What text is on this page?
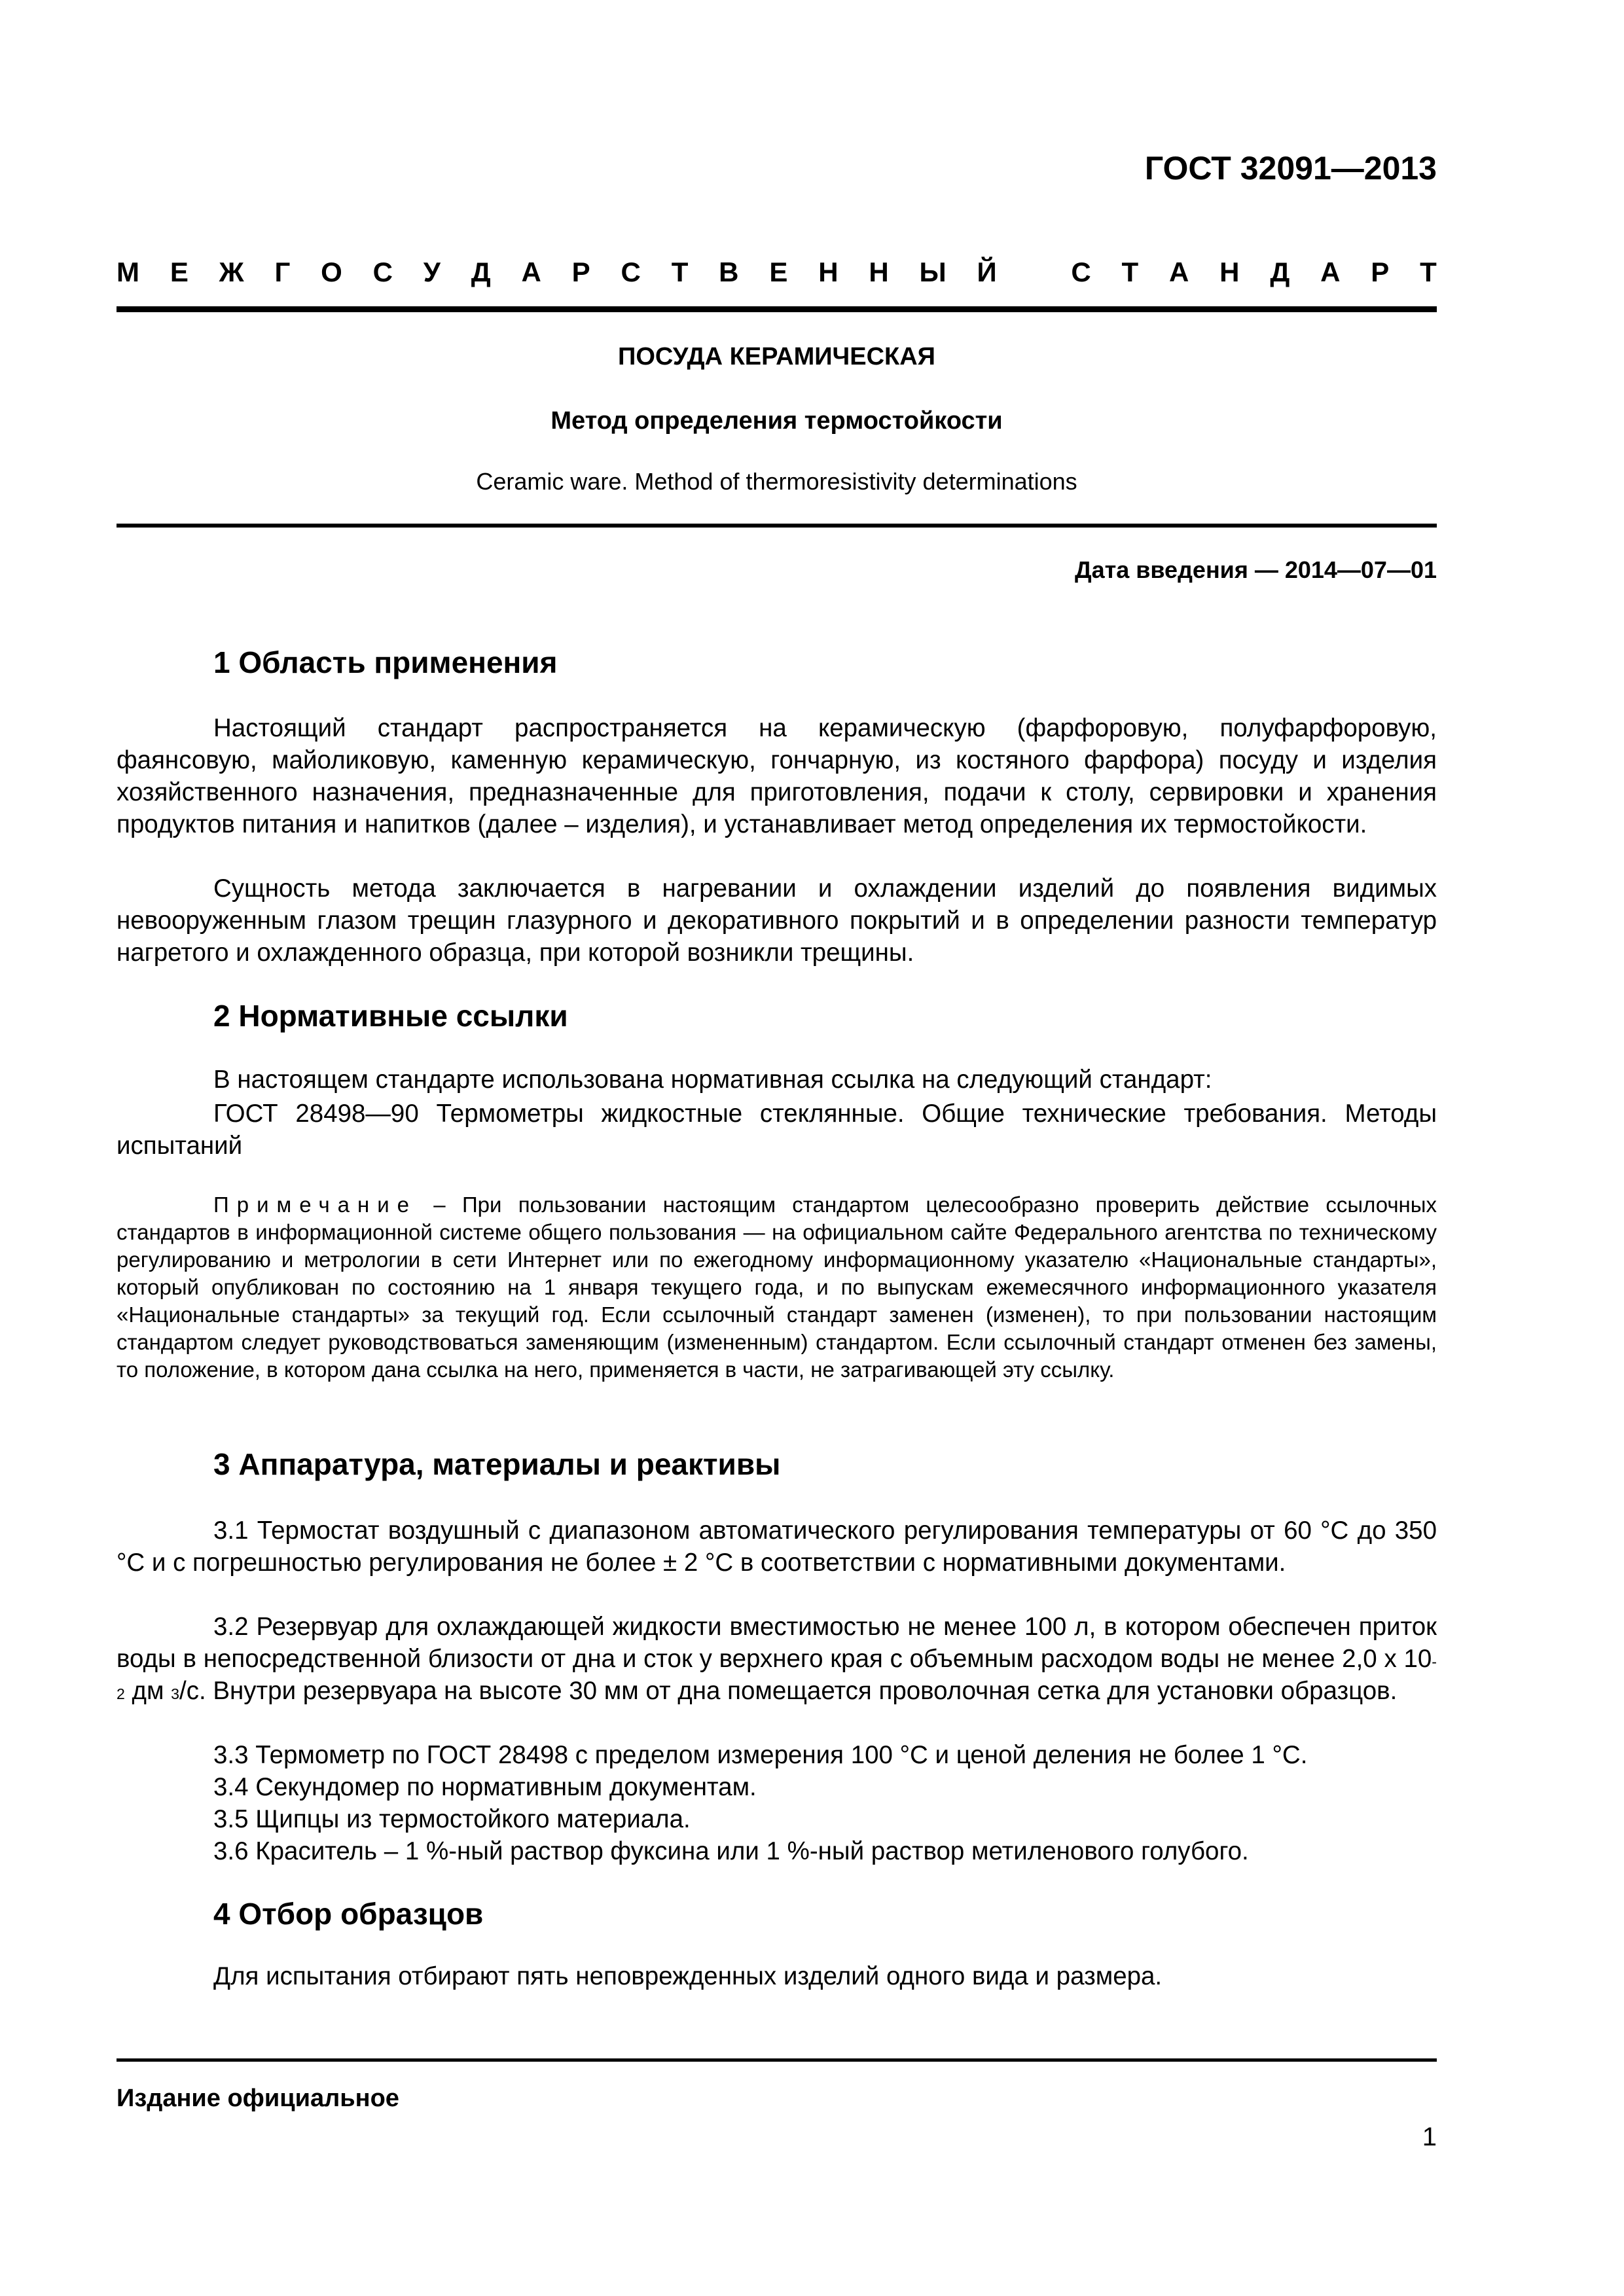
ГОСТ 32091—2013
М Е Ж Г О С У Д А Р С Т В Е Н Н Ы Й	С Т А Н Д А Р Т
ПОСУДА КЕРАМИЧЕСКАЯ
Метод определения термостойкости
Ceramic ware. Method of thermoresistivity determinations
Дата введения — 2014—07—01
1 Область применения

Настоящий стандарт распространяется на керамическую (фарфоровую, полуфарфоровую, фаянсовую, майоликовую, каменную керамическую, гончарную, из костяного фарфора) посуду и изделия хозяйственного назначения, предназначенные для приготовления, подачи к столу, сервировки и хранения продуктов питания и напитков (далее – изделия), и устанавливает метод определения их термостойкости.

Сущность метода заключается в нагревании и охлаждении изделий до появления видимых невооруженным глазом трещин глазурного и декоративного покрытий и в определении разности температур нагретого и охлажденного образца, при которой возникли трещины.

2 Нормативные ссылки
В настоящем стандарте использована нормативная ссылка на следующий стандарт:

ГОСТ 28498—90 Термометры жидкостные стеклянные. Общие технические требования. Методы испытаний

Примечание – При пользовании настоящим стандартом целесообразно проверить действие ссылочных стандартов в информационной системе общего пользования — на официальном сайте Федерального агентства по техническому регулированию и метрологии в сети Интернет или по ежегодному информационному указателю «Национальные стандарты», который опубликован по состоянию на 1 января текущего года, и по выпускам ежемесячного информационного указателя «Национальные стандарты» за текущий год. Если ссылочный стандарт заменен (изменен), то при пользовании настоящим стандартом следует руководствоваться заменяющим (измененным) стандартом. Если ссылочный стандарт отменен без замены, то положение, в котором дана ссылка на него, применяется в части, не затрагивающей эту ссылку.

3 Аппаратура, материалы и реактивы

3.1 Термостат воздушный с диапазоном автоматического регулирования температуры от 60 °С до 350 °С и с погрешностью регулирования не более ± 2 °С в соответствии с нормативными документами.

3.2 Резервуар для охлаждающей жидкости вместимостью не менее 100 л, в котором обеспечен приток воды в непосредственной близости от дна и сток у верхнего края с объемным расходом воды не менее 2,0 х $10^{-2}$ дм $^3$/с. Внутри резервуара на высоте 30 мм от дна помещается проволочная сетка для установки образцов.

3.3 Термометр по ГОСТ 28498 с пределом измерения 100 °С и ценой деления не более 1 °С.
3.4 Секундомер по нормативным документам.
3.5 Щипцы из термостойкого материала.
3.6 Краситель – 1 %-ный раствор фуксина или 1 %-ный раствор метиленового голубого.
4 Отбор образцов
Для испытания отбирают пять неповрежденных изделий одного вида и размера.
Издание официальное
1
